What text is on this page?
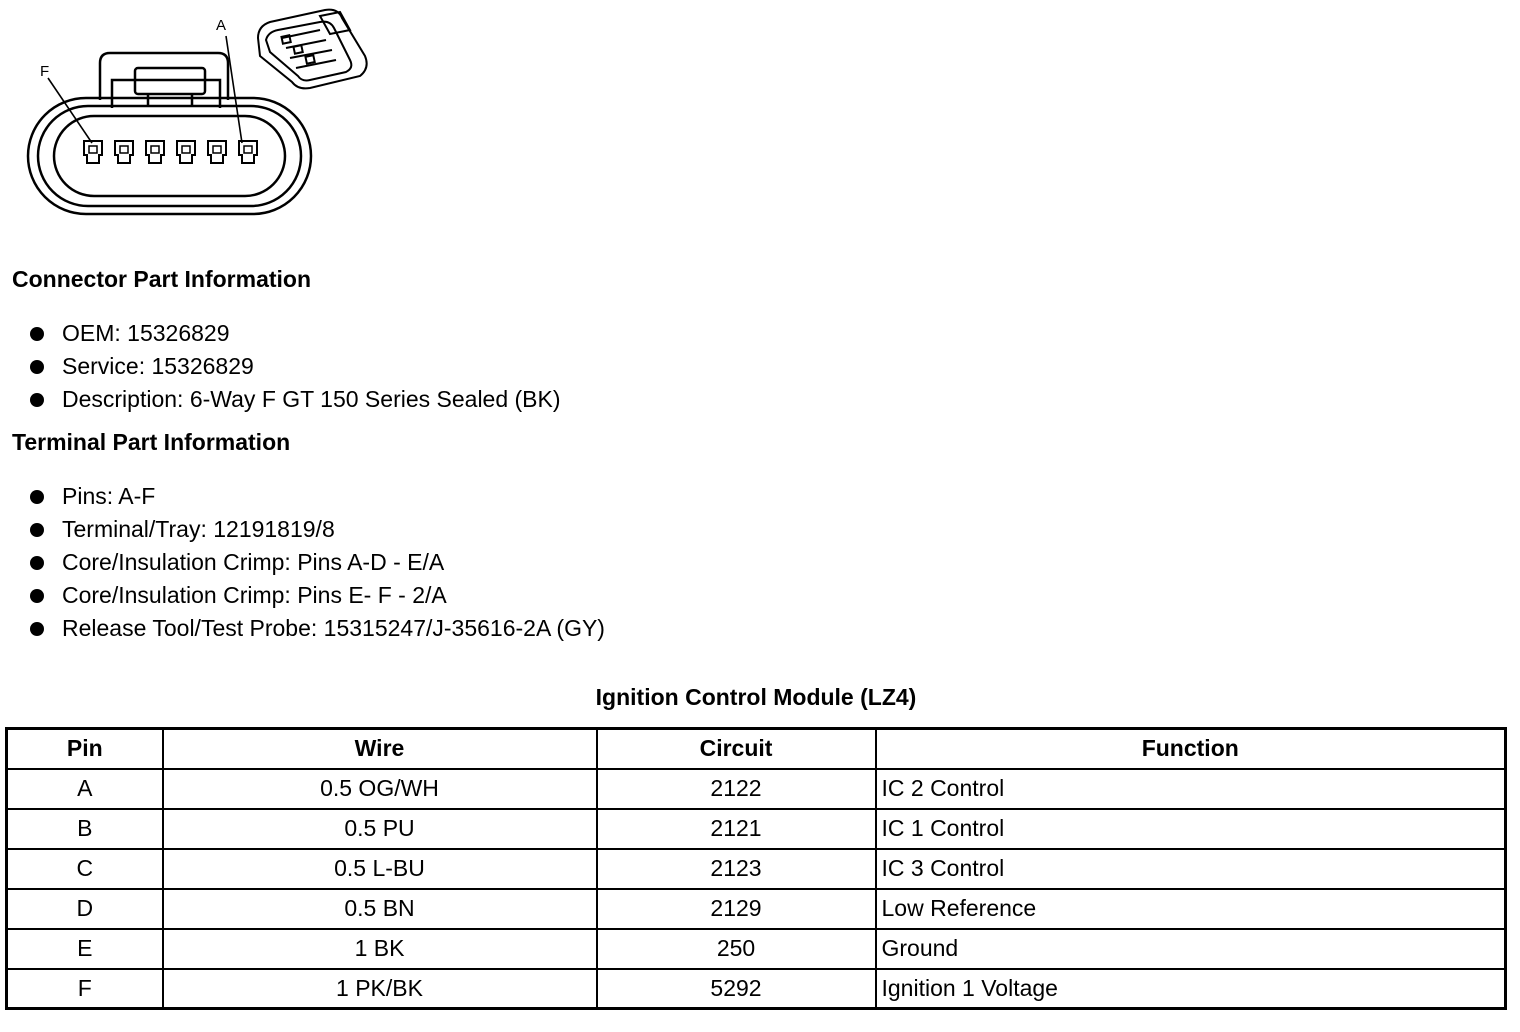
F
A
Connector Part Information
OEM: 15326829
Service: 15326829
Description: 6-Way F GT 150 Series Sealed (BK)
Terminal Part Information
Pins: A-F
Terminal/Tray: 12191819/8
Core/Insulation Crimp: Pins A-D - E/A
Core/Insulation Crimp: Pins E- F - 2/A
Release Tool/Test Probe: 15315247/J-35616-2A (GY)
Ignition Control Module (LZ4)
Pin	Wire	Circuit	Function
A	0.5 OG/WH	2122	IC 2 Control
B	0.5 PU	2121	IC 1 Control
C	0.5 L-BU	2123	IC 3 Control
D	0.5 BN	2129	Low Reference
E	1 BK	250	Ground
F	1 PK/BK	5292	Ignition 1 Voltage
